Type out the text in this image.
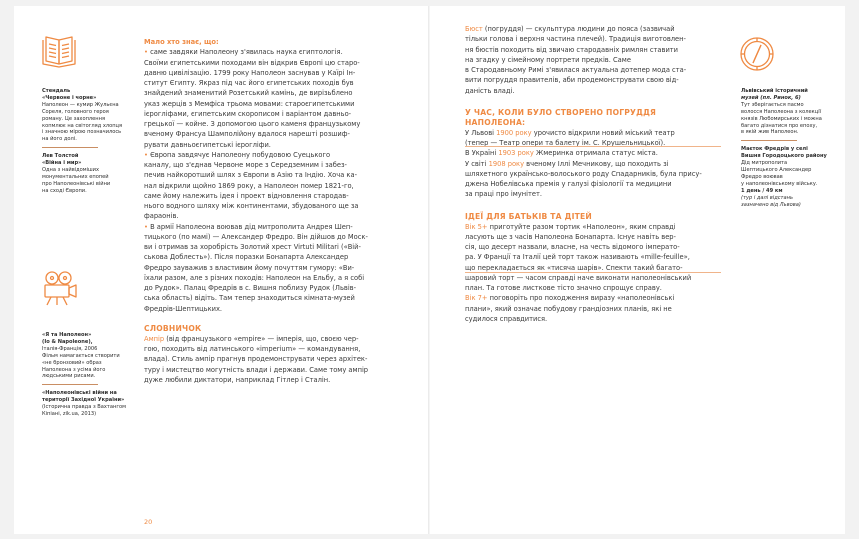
Стендаль
«Червоне і чорне»
Наполеон — кумир Жульєна
Сореля, головного героя
роману. Це захоплення
копмлює на світогляд хлопця
і значною мірою позначилось
на його долі.

Лев Толстой
«Війна і мир»
Одна з найвідоміших
монументальних епопей
про Наполеонівські війни
на сході Європи.

«Я та Наполеон»
(Io & Napoleone),
Італія-Франція, 2006
Фільм намагається створити
«не бронзовий» образ
Наполеона з усіма його
людськими рисами.

«Наполеонівські війни на
території Західної України»
(Історична правда з Вахтангом
Кіпіані, zik.ua, 2013)

Мало хто знає, що:

• саме завдяки Наполеону з'явилась наука єгиптологія.
Своїми єгипетськими походами він відкрив Європі цю старо-
давню цивілізацію. 1799 року Наполеон заснував у Каїрі Ін-
ститут Єгипту. Якраз під час його єгипетських походів був
знайдений знаменитий Розетський камінь, де вирізьблено
указ жерців з Мемфіса трьома мовами: староєгипетськими
ієрогліфами, єгипетським скорописом і варіантом давньо-
грецької — койне. З допомогою цього каменя французькому
вченому Франсуа Шамполійону вдалося нарешті розшиф-
рувати давньоєгипетські ієрогліфи.

• Європа завдячує Наполеону побудовою Суецького
каналу, що з'єднав Червоне море з Середземним і забез-
печив найкоротший шлях з Європи в Азію та Індію. Хоча ка-
нал відкрили щойно 1869 року, а Наполеон помер 1821-го,
саме йому належить ідея і проект відновлення стародав-
нього водного шляху між континентами, збудованого ще за
фараонів.

• В армії Наполеона воював дід митрополита Андрея Шеп-
тицького (по мамі) — Александер Фредро. Він дійшов до Моск-
ви і отримав за хоробрість Золотий хрест Virtuti Militari («Вій-
ськова Доблесть»). Після поразки Бонапарта Александер
Фредро зауважив з властивим йому почуттям гумору: «Ви-
їхали разом, але з різних походів: Наполеон на Ельбу, а я собі
до Рудок». Палац Фредрів в с. Вишня поблизу Рудок (Львів-
ська область) відіть. Там тепер знаходиться кімната-музей
Фредрів-Шептицьких.

СЛОВНИЧОК

Ампір (від французького «empire» — імперія, що, своєю чер-
гою, походить від латинського «imperium» — командування,
влада). Стиль ампір прагнув продемонструвати через архітек-
туру і мистецтво могутність влади і держави. Саме тому ампір
дуже любили диктатори, наприклад Гітлер і Сталін.

20

Бюст (погруддя) — скульптура людини до пояса (зазвичай
тільки голова і верхня частина плечей). Традиція виготовлен-
ня бюстів походить від звичаю стародавніх римлян ставити
на згадку у сімейному портрети предків. Саме
в Стародавньому Римі з'явилася актуальна дотепер мода ста-
вити погруддя правителів, аби продемонструвати свою від-
даність владі.

У ЧАС, КОЛИ БУЛО СТВОРЕНО ПОГРУДДЯ
НАПОЛЕОНА:

У Львові 1900 року урочисто відкрили новий міський театр
(тепер — Театр опери та балету ім. С. Крушельницької).
В Україні 1903 року Жмеринка отримала статус міста.
У світі 1908 року вченому Іллі Мечникову, що походить зі
шляхетного українсько-волоського роду Спадарників, була прису-
джена Нобелівська премія у галузі фізіології та медицини
за праці про імунітет.

ІДЕЇ ДЛЯ БАТЬКІВ ТА ДІТЕЙ

Вік 5+ приготуйте разом тортик «Наполеон», яким справді
ласують ще з часів Наполеона Бонапарта. Існує навіть вер-
сія, що десерт назвали, власне, на честь відомого імперато-
ра. У Франції та Італії цей торт також називають «mille-feuille»,
що перекладається як «тисяча шарів». Спекти такий багато-
шаровий торт — часом справді наче виконати наполеонівський
план. Та готове листкове тісто значно спрощує справу.
Вік 7+ поговоріть про походження виразу «наполеонівські
плани», який означає побудову грандіозних планів, які не
судилося справдитися.

Львівський історичний
музей (пл. Ринок, 6)
Тут зберігається пасмо
волосся Наполеона з колекції
князів Любомирських і можна
багато дізнатися про епоху,
в якій жив Наполеон.

Маєток Фредрів у селі
Вишня Городоцького району
Дід митрополита
Шептицького Александер
Фредро воював
у наполеонівському війську.
1 день / 49 км
(тур і далі відстань
зазначено від Львова)
